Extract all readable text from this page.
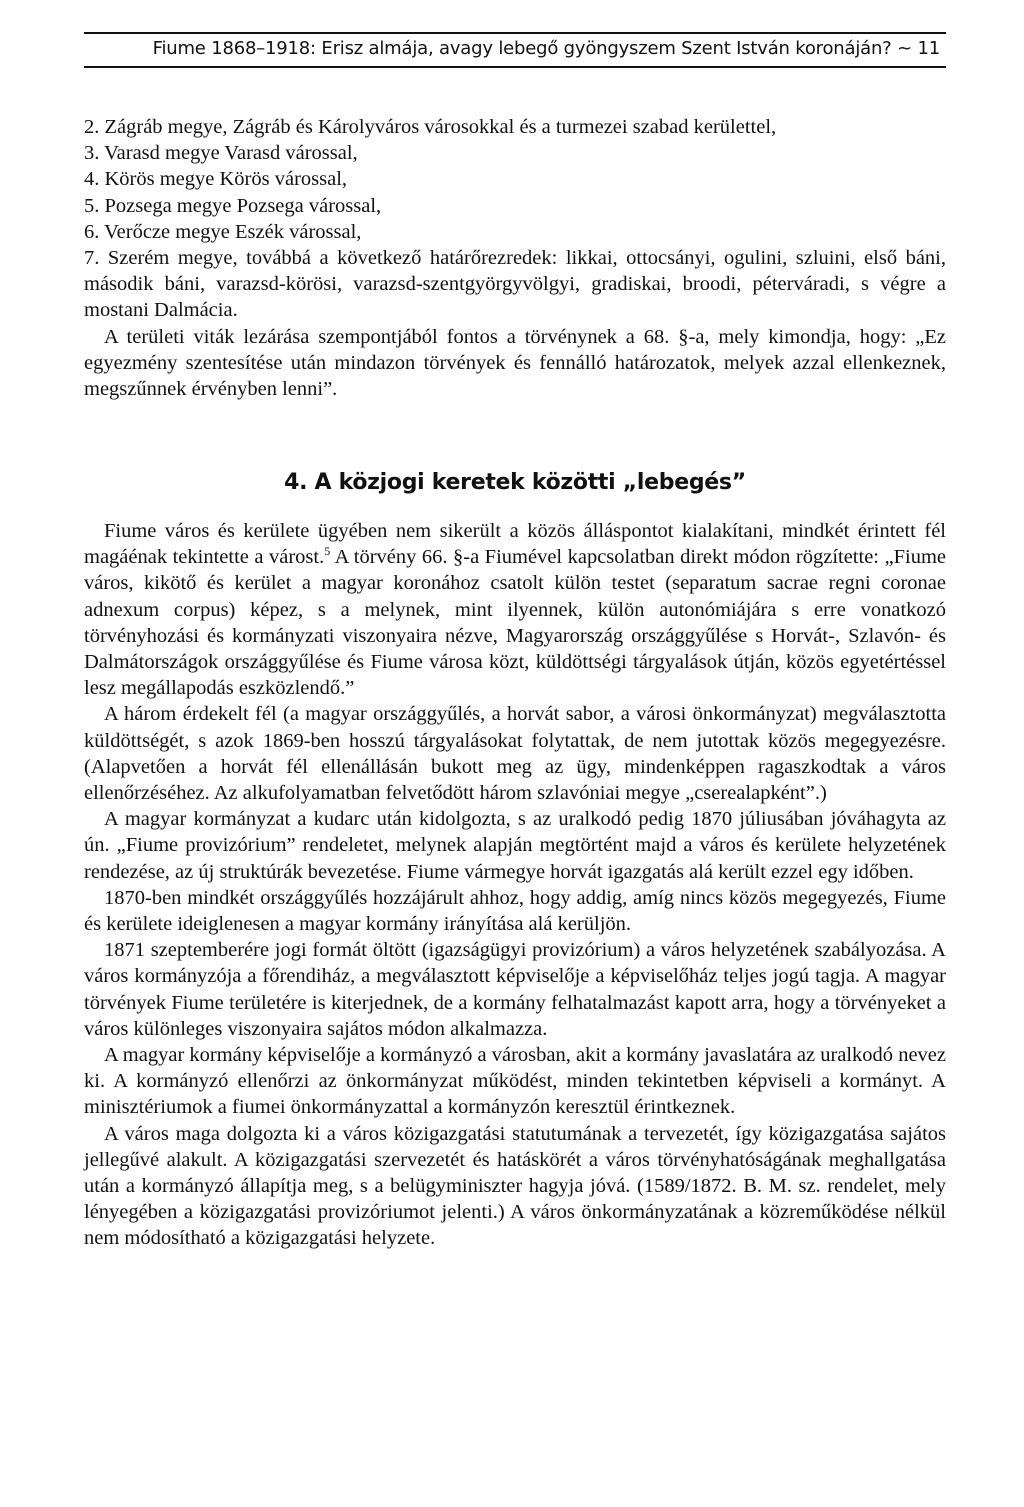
Fiume 1868–1918: Erisz almája, avagy lebegő gyöngyszem Szent István koronáján? ~ 11
2. Zágráb megye, Zágráb és Károlyváros városokkal és a turmezei szabad kerülettel,
3. Varasd megye Varasd várossal,
4. Körös megye Körös várossal,
5. Pozsega megye Pozsega várossal,
6. Verőcze megye Eszék várossal,

7. Szerém megye, továbbá a következő határőrezredek: likkai, ottocsányi, ogulini, szluini, első báni, második báni, varazsd-körösi, varazsd-szentgyörgyvölgyi, gradiskai, broodi, péterváradi, s végre a mostani Dalmácia.

A területi viták lezárása szempontjából fontos a törvénynek a 68. §-a, mely kimondja, hogy: „Ez egyezmény szentesítése után mindazon törvények és fennálló határozatok, melyek azzal ellenkeznek, megszűnnek érvényben lenni”.

4. A közjogi keretek közötti „lebegés”

Fiume város és kerülete ügyében nem sikerült a közös álláspontot kialakítani, mindkét érintett fél magáénak tekintette a várost.$^5$ A törvény 66. §-a Fiumével kapcsolatban direkt módon rögzítette: „Fiume város, kikötő és kerület a magyar koronához csatolt külön testet (separatum sacrae regni coronae adnexum corpus) képez, s a melynek, mint ilyennek, külön autonómiájára s erre vonatkozó törvényhozási és kormányzati viszonyaira nézve, Magyarország országgyűlése s Horvát-, Szlavón- és Dalmátországok országgyűlése és Fiume városa közt, küldöttségi tárgyalások útján, közös egyetértéssel lesz megállapodás eszközlendő.”

A három érdekelt fél (a magyar országgyűlés, a horvát sabor, a városi önkormányzat) megválasztotta küldöttségét, s azok 1869-ben hosszú tárgyalásokat folytattak, de nem jutottak közös megegyezésre. (Alapvetően a horvát fél ellenállásán bukott meg az ügy, mindenképpen ragaszkodtak a város ellenőrzéséhez. Az alkufolyamatban felvetődött három szlavóniai megye „cserealapként”.)

A magyar kormányzat a kudarc után kidolgozta, s az uralkodó pedig 1870 júliusában jóváhagyta az ún. „Fiume provizórium” rendeletet, melynek alapján megtörtént majd a város és kerülete helyzetének rendezése, az új struktúrák bevezetése. Fiume vármegye horvát igazgatás alá került ezzel egy időben.

1870-ben mindkét országgyűlés hozzájárult ahhoz, hogy addig, amíg nincs közös megegyezés, Fiume és kerülete ideiglenesen a magyar kormány irányítása alá kerüljön.

1871 szeptemberére jogi formát öltött (igazságügyi provizórium) a város helyzetének szabályozása. A város kormányzója a főrendiház, a megválasztott képviselője a képviselőház teljes jogú tagja. A magyar törvények Fiume területére is kiterjednek, de a kormány felhatalmazást kapott arra, hogy a törvényeket a város különleges viszonyaira sajátos módon alkalmazza.

A magyar kormány képviselője a kormányzó a városban, akit a kormány javaslatára az uralkodó nevez ki. A kormányzó ellenőrzi az önkormányzat működést, minden tekintetben képviseli a kormányt. A minisztériumok a fiumei önkormányzattal a kormányzón keresztül érintkeznek.

A város maga dolgozta ki a város közigazgatási statutumának a tervezetét, így közigazgatása sajátos jellegűvé alakult. A közigazgatási szervezetét és hatáskörét a város törvényhatóságának meghallgatása után a kormányzó állapítja meg, s a belügyminiszter hagyja jóvá. (1589/1872. B. M. sz. rendelet, mely lényegében a közigazgatási provizóriumot jelenti.) A város önkormányzatának a közreműködése nélkül nem módosítható a közigazgatási helyzete.
